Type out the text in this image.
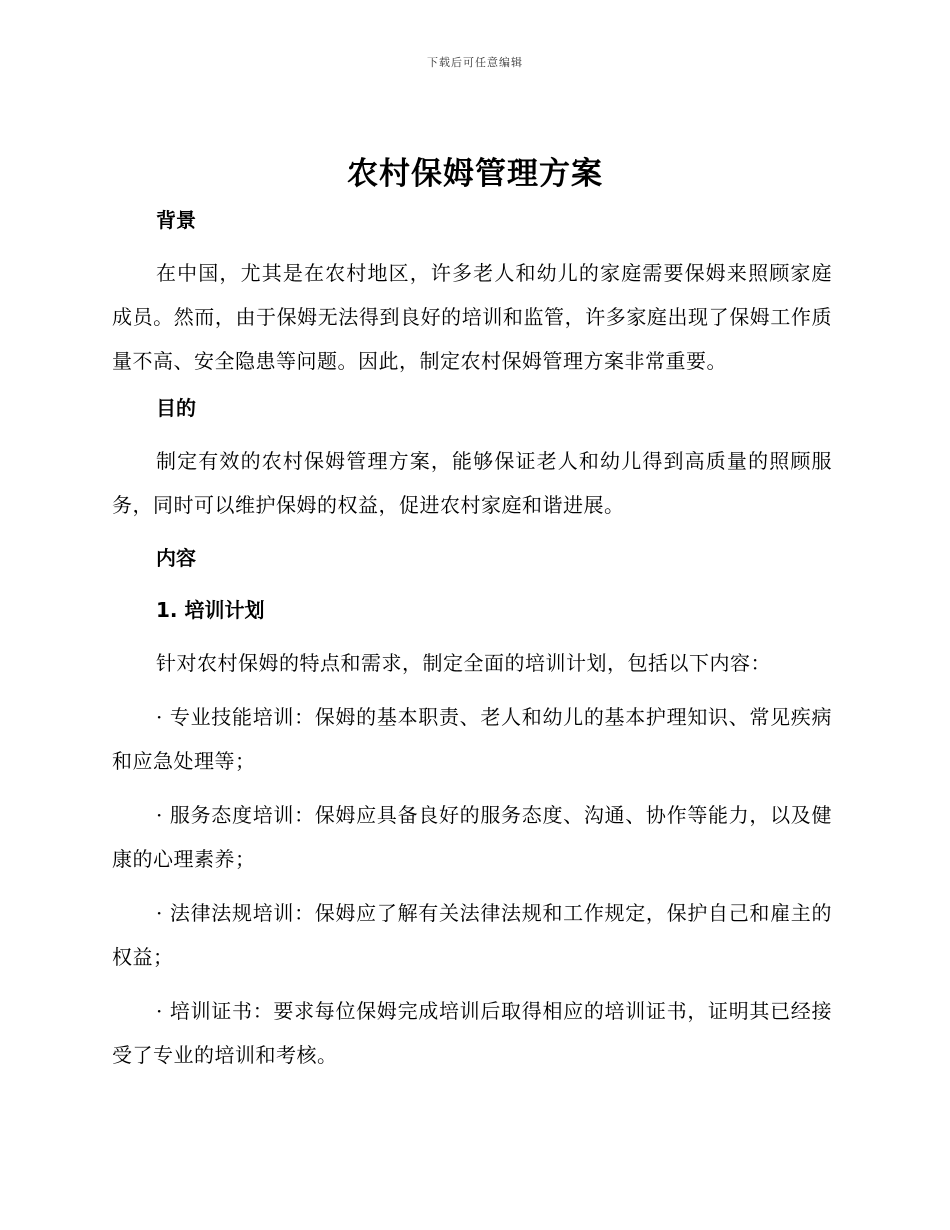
下载后可任意编辑
农村保姆管理方案
背景

在中国，尤其是在农村地区，许多老人和幼儿的家庭需要保姆来照顾家庭成员。然而，由于保姆无法得到良好的培训和监管，许多家庭出现了保姆工作质量不高、安全隐患等问题。因此，制定农村保姆管理方案非常重要。

目的

制定有效的农村保姆管理方案，能够保证老人和幼儿得到高质量的照顾服务，同时可以维护保姆的权益，促进农村家庭和谐进展。

内容
1. 培训计划

针对农村保姆的特点和需求，制定全面的培训计划，包括以下内容：

· 专业技能培训：保姆的基本职责、老人和幼儿的基本护理知识、常见疾病和应急处理等；

· 服务态度培训：保姆应具备良好的服务态度、沟通、协作等能力，以及健康的心理素养；

· 法律法规培训：保姆应了解有关法律法规和工作规定，保护自己和雇主的权益；

· 培训证书：要求每位保姆完成培训后取得相应的培训证书，证明其已经接受了专业的培训和考核。
